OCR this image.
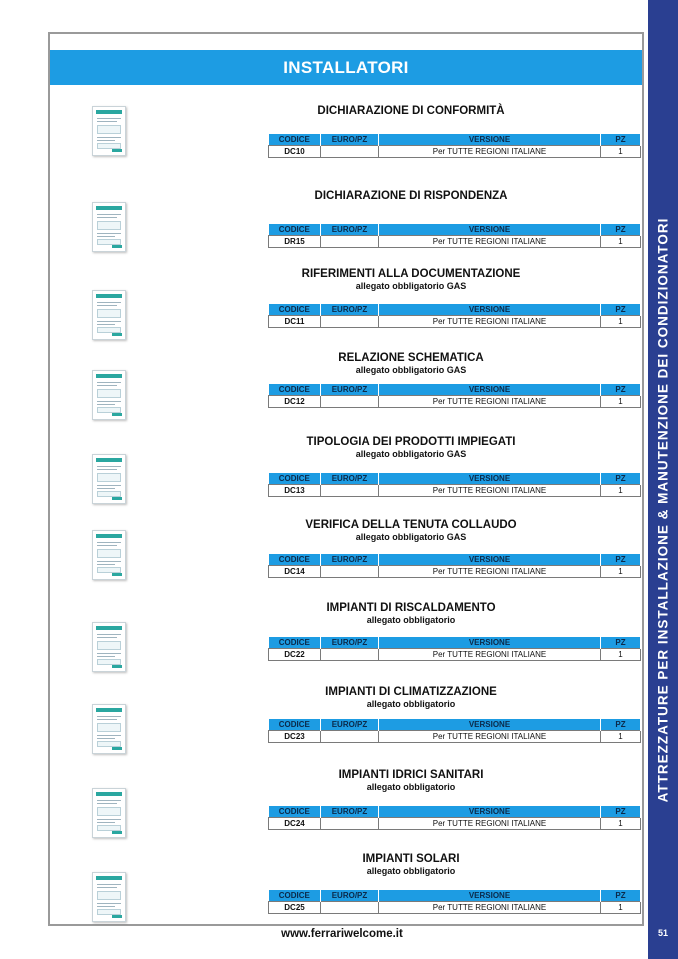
INSTALLATORI
DICHIARAZIONE DI CONFORMITÀ
CODICE	EURO/PZ	VERSIONE	PZ
DC10		Per TUTTE REGIONI ITALIANE	1
DICHIARAZIONE DI RISPONDENZA
CODICE	EURO/PZ	VERSIONE	PZ
DR15		Per TUTTE REGIONI ITALIANE	1
RIFERIMENTI ALLA DOCUMENTAZIONE
allegato obbligatorio GAS
CODICE	EURO/PZ	VERSIONE	PZ
DC11		Per TUTTE REGIONI ITALIANE	1
RELAZIONE SCHEMATICA
allegato obbligatorio GAS
CODICE	EURO/PZ	VERSIONE	PZ
DC12		Per TUTTE REGIONI ITALIANE	1
TIPOLOGIA DEI PRODOTTI IMPIEGATI
allegato obbligatorio GAS
CODICE	EURO/PZ	VERSIONE	PZ
DC13		Per TUTTE REGIONI ITALIANE	1
VERIFICA DELLA TENUTA COLLAUDO
allegato obbligatorio GAS
CODICE	EURO/PZ	VERSIONE	PZ
DC14		Per TUTTE REGIONI ITALIANE	1
IMPIANTI DI RISCALDAMENTO
allegato obbligatorio
CODICE	EURO/PZ	VERSIONE	PZ
DC22		Per TUTTE REGIONI ITALIANE	1
IMPIANTI DI CLIMATIZZAZIONE
allegato obbligatorio
CODICE	EURO/PZ	VERSIONE	PZ
DC23		Per TUTTE REGIONI ITALIANE	1
IMPIANTI IDRICI SANITARI
allegato obbligatorio
CODICE	EURO/PZ	VERSIONE	PZ
DC24		Per TUTTE REGIONI ITALIANE	1
IMPIANTI SOLARI
allegato obbligatorio
CODICE	EURO/PZ	VERSIONE	PZ
DC25		Per TUTTE REGIONI ITALIANE	1
www.ferrariwelcome.it
ATTREZZATURE PER INSTALLAZIONE & MANUTENZIONE DEI CONDIZIONATORI
51
